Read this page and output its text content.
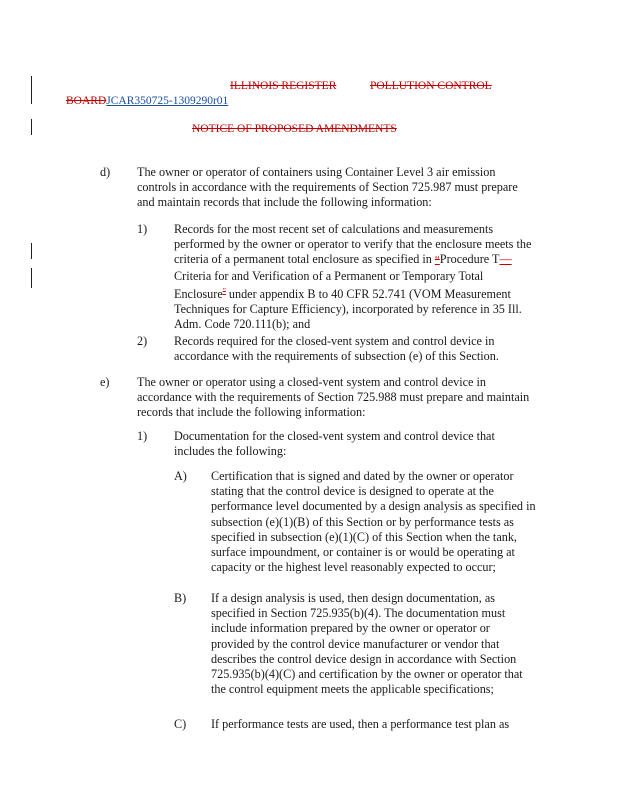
ILLINOIS REGISTER	POLLUTION CONTROL
BOARDJCAR350725-1309290r01
NOTICE OF PROPOSED AMENDMENTS
d) The owner or operator of containers using Container Level 3 air emission controls in accordance with the requirements of Section 725.987 must prepare and maintain records that include the following information:
1) Records for the most recent set of calculations and measurements performed by the owner or operator to verify that the enclosure meets the criteria of a permanent total enclosure as specified in “Procedure T— Criteria for and Verification of a Permanent or Temporary Total Enclosure” under appendix B to 40 CFR 52.741 (VOM Measurement Techniques for Capture Efficiency), incorporated by reference in 35 Ill. Adm. Code 720.111(b); and
2) Records required for the closed-vent system and control device in accordance with the requirements of subsection (e) of this Section.
e) The owner or operator using a closed-vent system and control device in accordance with the requirements of Section 725.988 must prepare and maintain records that include the following information:
1) Documentation for the closed-vent system and control device that includes the following:
A) Certification that is signed and dated by the owner or operator stating that the control device is designed to operate at the performance level documented by a design analysis as specified in subsection (e)(1)(B) of this Section or by performance tests as specified in subsection (e)(1)(C) of this Section when the tank, surface impoundment, or container is or would be operating at capacity or the highest level reasonably expected to occur;
B) If a design analysis is used, then design documentation, as specified in Section 725.935(b)(4). The documentation must include information prepared by the owner or operator or provided by the control device manufacturer or vendor that describes the control device design in accordance with Section 725.935(b)(4)(C) and certification by the owner or operator that the control equipment meets the applicable specifications;
C) If performance tests are used, then a performance test plan as
